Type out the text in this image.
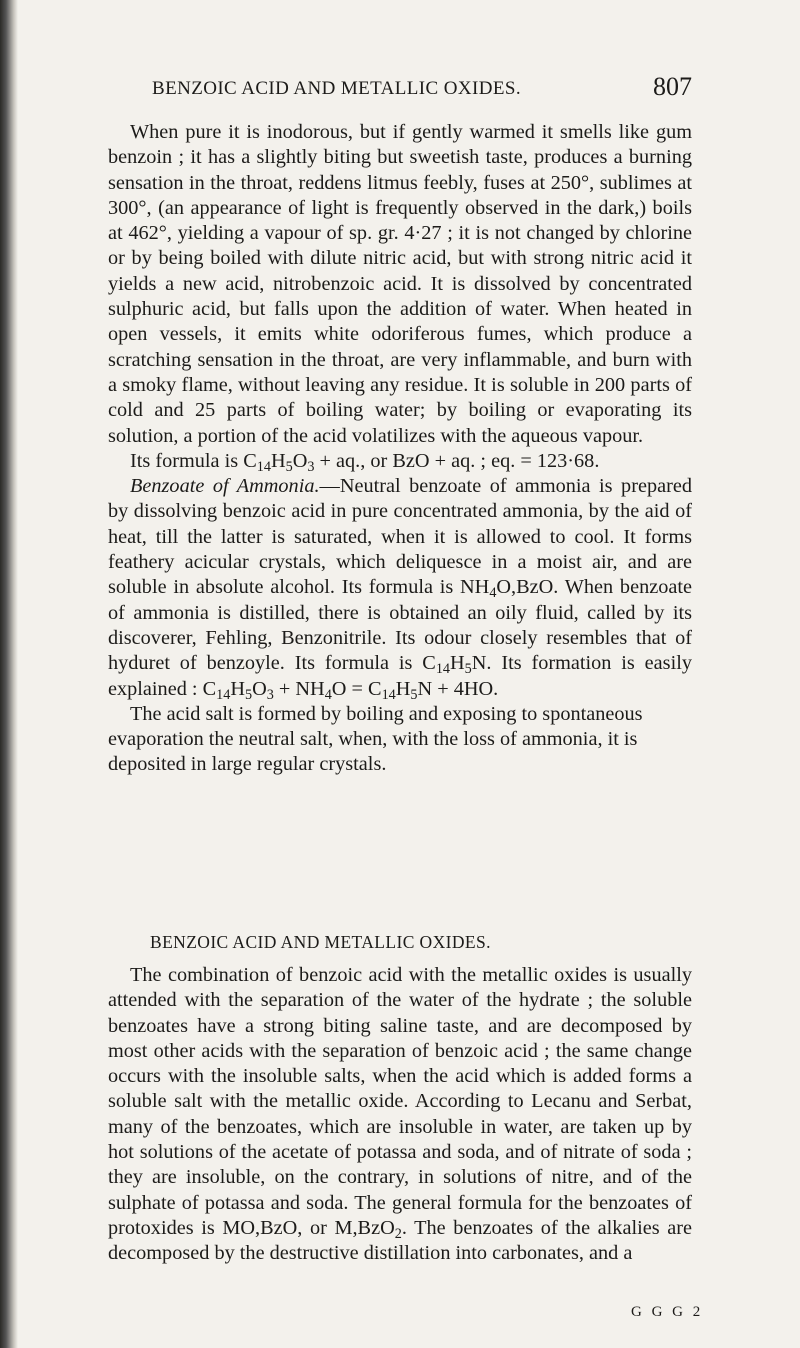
BENZOIC ACID AND METALLIC OXIDES.	807

When pure it is inodorous, but if gently warmed it smells like gum benzoin ; it has a slightly biting but sweetish taste, produces a burning sensation in the throat, reddens litmus feebly, fuses at 250°, sublimes at 300°, (an appearance of light is frequently observed in the dark,) boils at 462°, yielding a vapour of sp. gr. 4·27 ; it is not changed by chlorine or by being boiled with dilute nitric acid, but with strong nitric acid it yields a new acid, nitrobenzoic acid. It is dissolved by concentrated sulphuric acid, but falls upon the addition of water. When heated in open vessels, it emits white odoriferous fumes, which produce a scratching sensation in the throat, are very inflammable, and burn with a smoky flame, without leaving any residue. It is soluble in 200 parts of cold and 25 parts of boiling water; by boiling or evaporating its solution, a portion of the acid volatilizes with the aqueous vapour.

Its formula is $C_{14}H_5O_3$ + aq., or BzO + aq. ; eq. = 123·68.

Benzoate of Ammonia.—Neutral benzoate of ammonia is prepared by dissolving benzoic acid in pure concentrated ammonia, by the aid of heat, till the latter is saturated, when it is allowed to cool. It forms feathery acicular crystals, which deliquesce in a moist air, and are soluble in absolute alcohol. Its formula is $NH_4O,BzO$. When benzoate of ammonia is distilled, there is obtained an oily fluid, called by its discoverer, Fehling, Benzonitrile. Its odour closely resembles that of hyduret of benzoyle. Its formula is $C_{14}H_5N$. Its formation is easily explained : $C_{14}H_5O_3 + NH_4O = C_{14}H_5N + 4HO$.

The acid salt is formed by boiling and exposing to spontaneous evaporation the neutral salt, when, with the loss of ammonia, it is deposited in large regular crystals.

BENZOIC ACID AND METALLIC OXIDES.

The combination of benzoic acid with the metallic oxides is usually attended with the separation of the water of the hydrate ; the soluble benzoates have a strong biting saline taste, and are decomposed by most other acids with the separation of benzoic acid ; the same change occurs with the insoluble salts, when the acid which is added forms a soluble salt with the metallic oxide. According to Lecanu and Serbat, many of the benzoates, which are insoluble in water, are taken up by hot solutions of the acetate of potassa and soda, and of nitrate of soda ; they are insoluble, on the contrary, in solutions of nitre, and of the sulphate of potassa and soda. The general formula for the benzoates of protoxides is MO,BzO, or M,BzO$_2$. The benzoates of the alkalies are decomposed by the destructive distillation into carbonates, and a

G G G 2
